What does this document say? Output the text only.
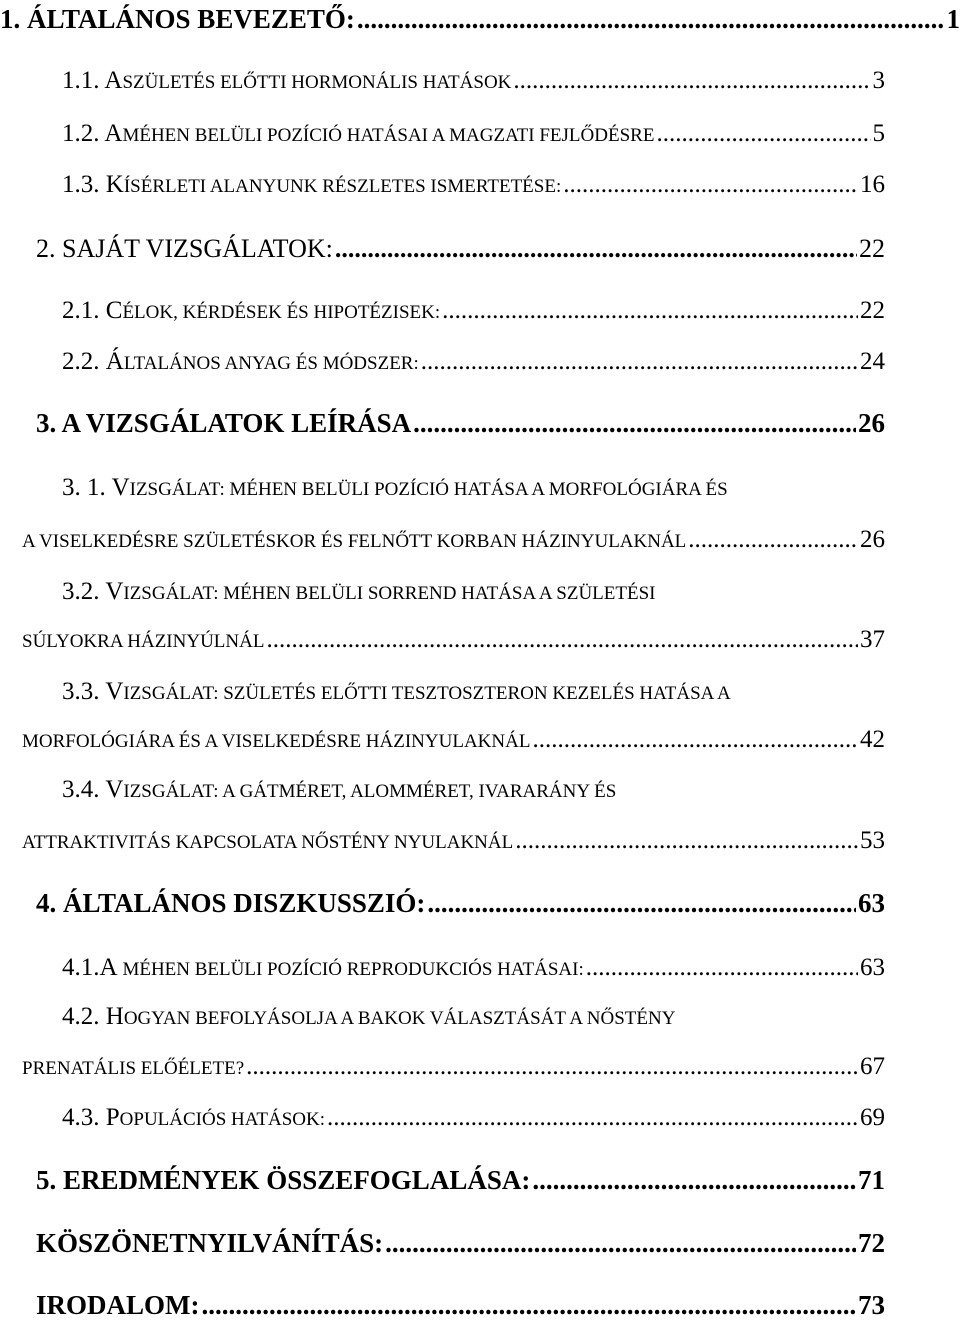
1. ÁLTALÁNOS BEVEZETŐ: .....	1
1.1. ASZÜLETÉS ELŐTTI HORMONÁLIS HATÁSOK .....	3
1.2. AMÉHEN BELÜLI POZÍCIÓ HATÁSAI A MAGZATI FEJLŐDÉSRE .....	5
1.3. KÍSÉRLETI ALANYUNK RÉSZLETES ISMERTETÉSE: .....	16
2. SAJÁT VIZSGÁLATOK: .....	22
2.1. CÉLOK, KÉRDÉSEK ÉS HIPOTÉZISEK: .....	22
2.2. ÁLTALÁNOS ANYAG ÉS MÓDSZER: .....	24
3. A VIZSGÁLATOK LEÍRÁSA .....	26
3. 1. VIZSGÁLAT: MÉHEN BELÜLI POZÍCIÓ HATÁSA A MORFOLÓGIÁRA ÉS
A VISELKEDÉSRE SZÜLETÉSKOR ÉS FELNŐTT KORBAN HÁZINYULAKNÁL .....	26
3.2. VIZSGÁLAT: MÉHEN BELÜLI SORREND HATÁSA A SZÜLETÉSI
SÚLYOKRA HÁZINYÚLNÁL .....	37
3.3. VIZSGÁLAT: SZÜLETÉS ELŐTTI TESZTOSZTERON KEZELÉS HATÁSA A
MORFOLÓGIÁRA ÉS A VISELKEDÉSRE HÁZINYULAKNÁL .....	42
3.4. VIZSGÁLAT: A GÁTMÉRET, ALOMMÉRET, IVARARÁNY ÉS
ATTRAKTIVITÁS KAPCSOLATA NŐSTÉNY NYULAKNÁL .....	53
4. ÁLTALÁNOS DISZKUSSZIÓ: .....	63
4.1.A MÉHEN BELÜLI POZÍCIÓ REPRODUKCIÓS HATÁSAI: .....	63
4.2. HOGYAN BEFOLYÁSOLJA A BAKOK VÁLASZTÁSÁT A NŐSTÉNY
PRENATÁLIS ELŐÉLETE? .....	67
4.3. POPULÁCIÓS HATÁSOK: .....	69
5. EREDMÉNYEK ÖSSZEFOGLALÁSA: .....	71
KÖSZÖNETNYILVÁNÍTÁS: .....	72
IRODALOM: .....	73
